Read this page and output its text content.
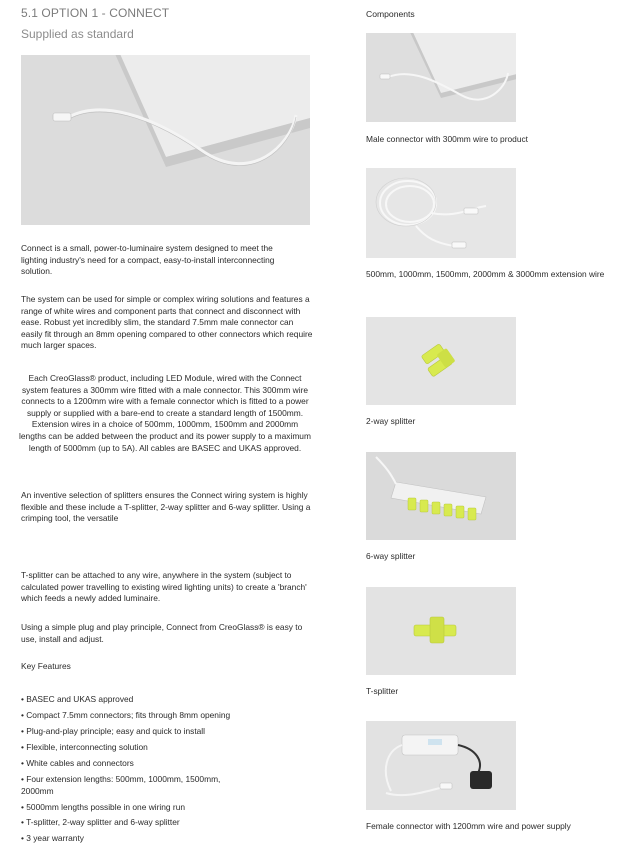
5.1 OPTION 1 - CONNECT
Supplied as standard
Connect is a small, power-to-luminaire system designed to meet the lighting industry's need for a compact, easy-to-install interconnecting solution.
The system can be used for simple or complex wiring solutions and features a range of white wires and component parts that connect and disconnect with ease. Robust yet incredibly slim, the standard 7.5mm male connector can easily fit through an 8mm opening compared to other connectors which require much larger spaces.
Each CreoGlass® product, including LED Module, wired with the Connect system features a 300mm wire fitted with a male connector. This 300mm wire connects to a 1200mm wire with a female connector which is fitted to a power supply or supplied with a bare-end to create a standard length of 1500mm. Extension wires in a choice of 500mm, 1000mm, 1500mm and 2000mm lengths can be added between the product and its power supply to a maximum length of 5000mm (up to 5A). All cables are BASEC and UKAS approved.
An inventive selection of splitters ensures the Connect wiring system is highly flexible and these include a T-splitter, 2-way splitter and 6-way splitter. Using a crimping tool, the versatile
T-splitter can be attached to any wire, anywhere in the system (subject to calculated power travelling to existing wired lighting units) to create a 'branch' which feeds a newly added luminaire.
Using a simple plug and play principle, Connect from CreoGlass® is easy to use, install and adjust.
Key Features
• BASEC and UKAS approved
• Compact 7.5mm connectors; fits through 8mm opening
• Plug-and-play principle; easy and quick to install
• Flexible, interconnecting solution
• White cables and connectors
• Four extension lengths: 500mm, 1000mm, 1500mm, 2000mm
• 5000mm lengths possible in one wiring run
• T-splitter, 2-way splitter and 6-way splitter
• 3 year warranty
Components
Male connector with 300mm wire to product
500mm, 1000mm, 1500mm, 2000mm & 3000mm extension wire
2-way splitter
6-way splitter
T-splitter
Female connector with 1200mm wire and power supply
